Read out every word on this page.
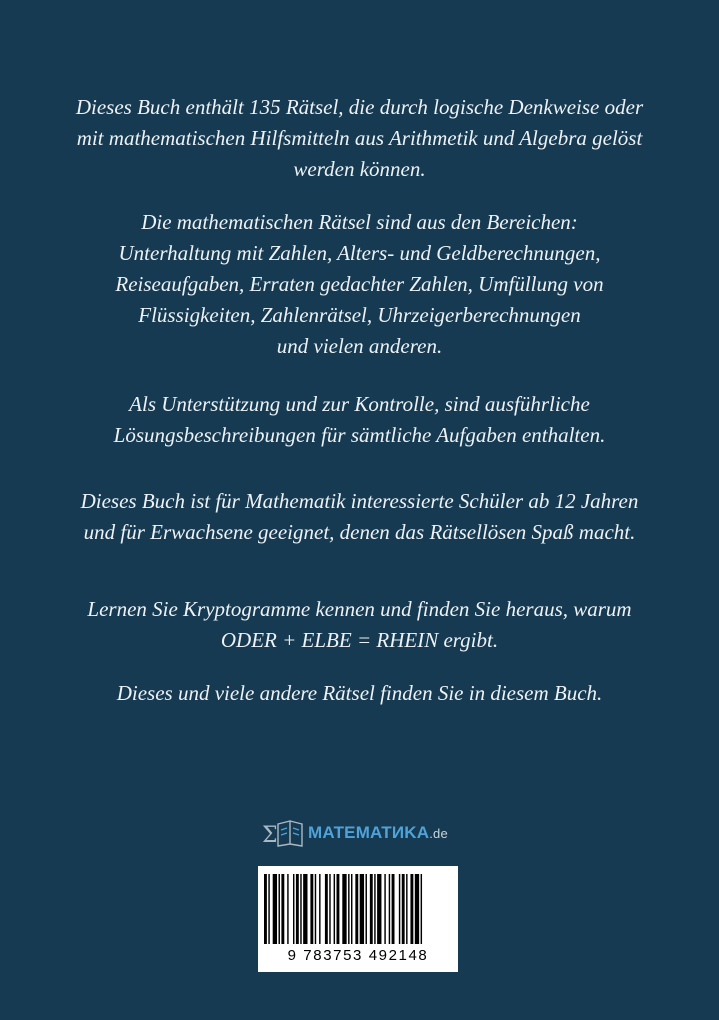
Dieses Buch enthält 135 Rätsel, die durch logische Denkweise oder
mit mathematischen Hilfsmitteln aus Arithmetik und Algebra gelöst
werden können.
Die mathematischen Rätsel sind aus den Bereichen:
Unterhaltung mit Zahlen, Alters- und Geldberechnungen,
Reiseaufgaben, Erraten gedachter Zahlen, Umfüllung von
Flüssigkeiten, Zahlenrätsel, Uhrzeigerberechnungen
und vielen anderen.
Als Unterstützung und zur Kontrolle, sind ausführliche
Lösungsbeschreibungen für sämtliche Aufgaben enthalten.
Dieses Buch ist für Mathematik interessierte Schüler ab 12 Jahren
und für Erwachsene geeignet, denen das Rätsellösen Spaß macht.
Lernen Sie Kryptogramme kennen und finden Sie heraus, warum
ODER + ELBE = RHEIN ergibt.
Dieses und viele andere Rätsel finden Sie in diesem Buch.
Σ MATEMATИKA.de
9 783753 492148
